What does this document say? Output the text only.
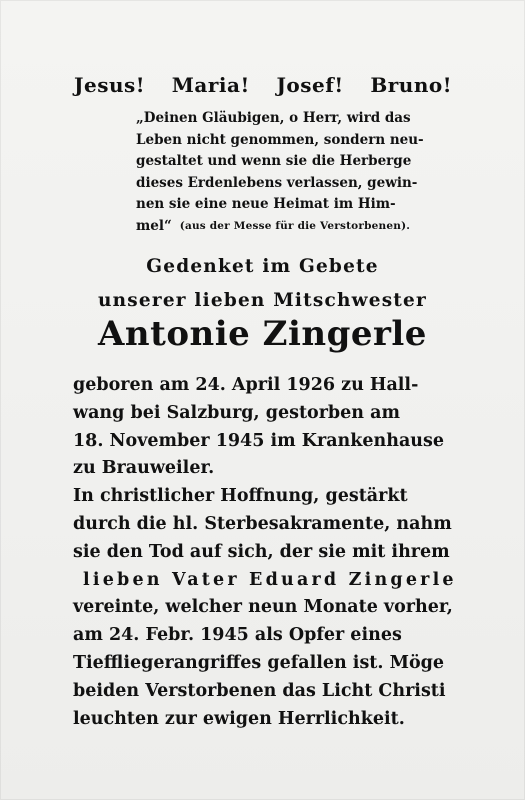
Jesus! Maria! Josef! Bruno!
„Deinen Gläubigen, o Herr, wird das
Leben nicht genommen, sondern neu-
gestaltet und wenn sie die Herberge
dieses Erdenlebens verlassen, gewin-
nen sie eine neue Heimat im Him-
mel“ (aus der Messe für die Verstorbenen).
Gedenket im Gebete
unserer lieben Mitschwester
Antonie Zingerle
geboren am 24. April 1926 zu Hall-
wang bei Salzburg, gestorben am
18. November 1945 im Krankenhause
zu Brauweiler.
In christlicher Hoffnung, gestärkt
durch die hl. Sterbesakramente, nahm
sie den Tod auf sich, der sie mit ihrem
lieben Vater Eduard Zingerle
vereinte, welcher neun Monate vorher,
am 24. Febr. 1945 als Opfer eines
Tieffliegerangriffes gefallen ist. Möge
beiden Verstorbenen das Licht Christi
leuchten zur ewigen Herrlichkeit.
